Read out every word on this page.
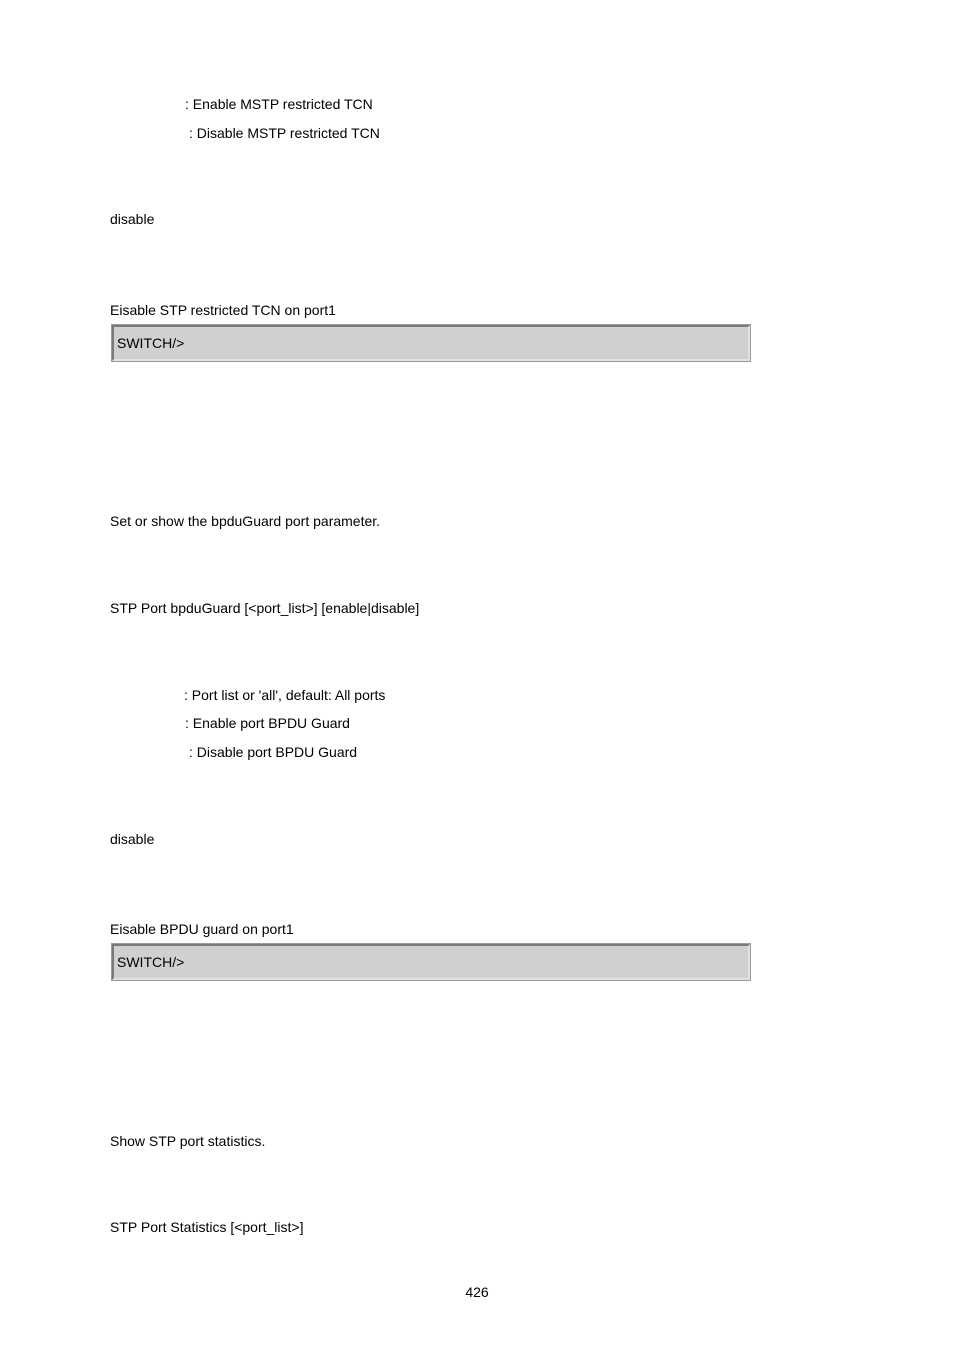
: Enable MSTP restricted TCN
: Disable MSTP restricted TCN
disable
Eisable STP restricted TCN on port1
SWITCH/>
Set or show the bpduGuard port parameter.
STP Port bpduGuard [<port_list>] [enable|disable]
: Port list or 'all', default: All ports
: Enable port BPDU Guard
: Disable port BPDU Guard
disable
Eisable BPDU guard on port1
SWITCH/>
Show STP port statistics.
STP Port Statistics [<port_list>]
426
